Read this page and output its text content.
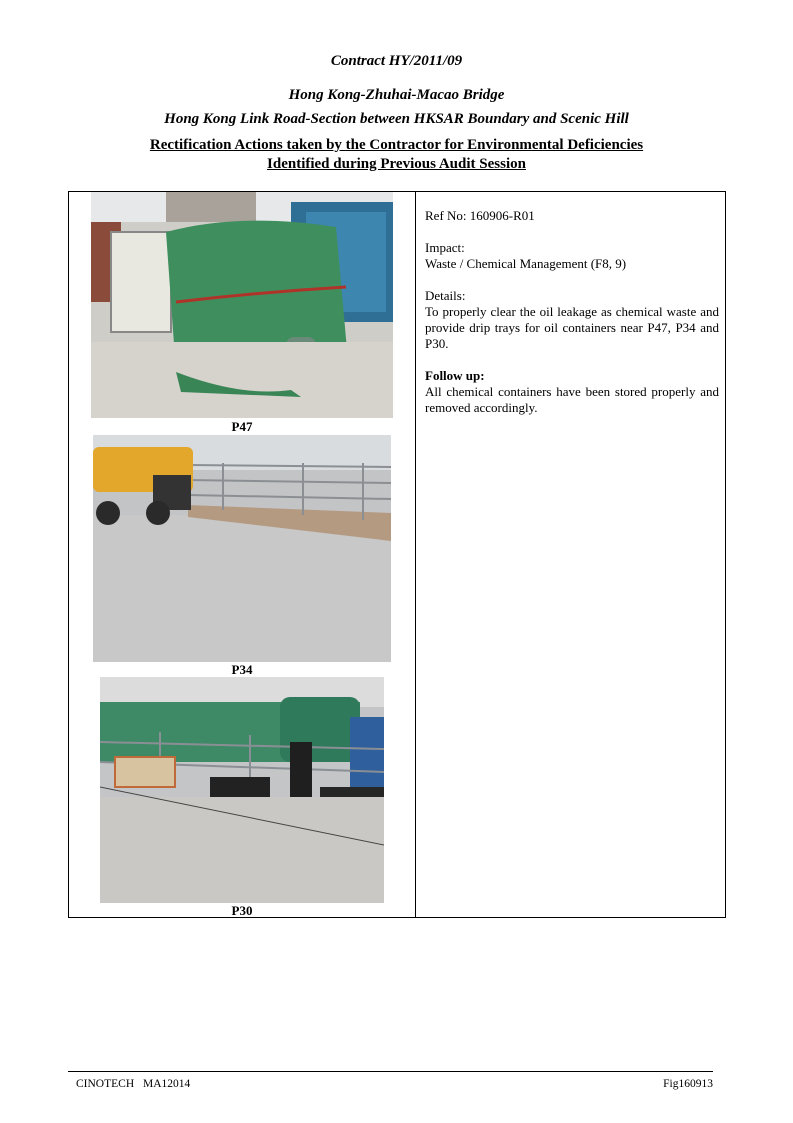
Contract HY/2011/09

Hong Kong-Zhuhai-Macao Bridge

Hong Kong Link Road-Section between HKSAR Boundary and Scenic Hill

Rectification Actions taken by the Contractor for Environmental Deficiencies
Identified during Previous Audit Session

P47
P34
P30

Ref No: 160906-R01

Impact:

Waste / Chemical Management (F8, 9)

Details:

To properly clear the oil leakage as chemical waste and provide drip trays for oil containers near P47, P34 and P30.

Follow up:

All chemical containers have been stored properly and removed accordingly.

CINOTECH MA12014	Fig160913
